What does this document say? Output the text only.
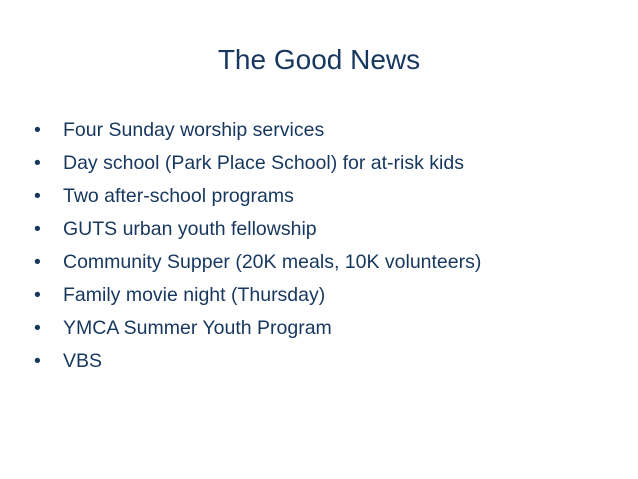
The Good News
•	Four Sunday worship services
•	Day school (Park Place School) for at-risk kids
•	Two after-school programs
•	GUTS urban youth fellowship
•	Community Supper (20K meals, 10K volunteers)
•	Family movie night (Thursday)
•	YMCA Summer Youth Program
•	VBS
